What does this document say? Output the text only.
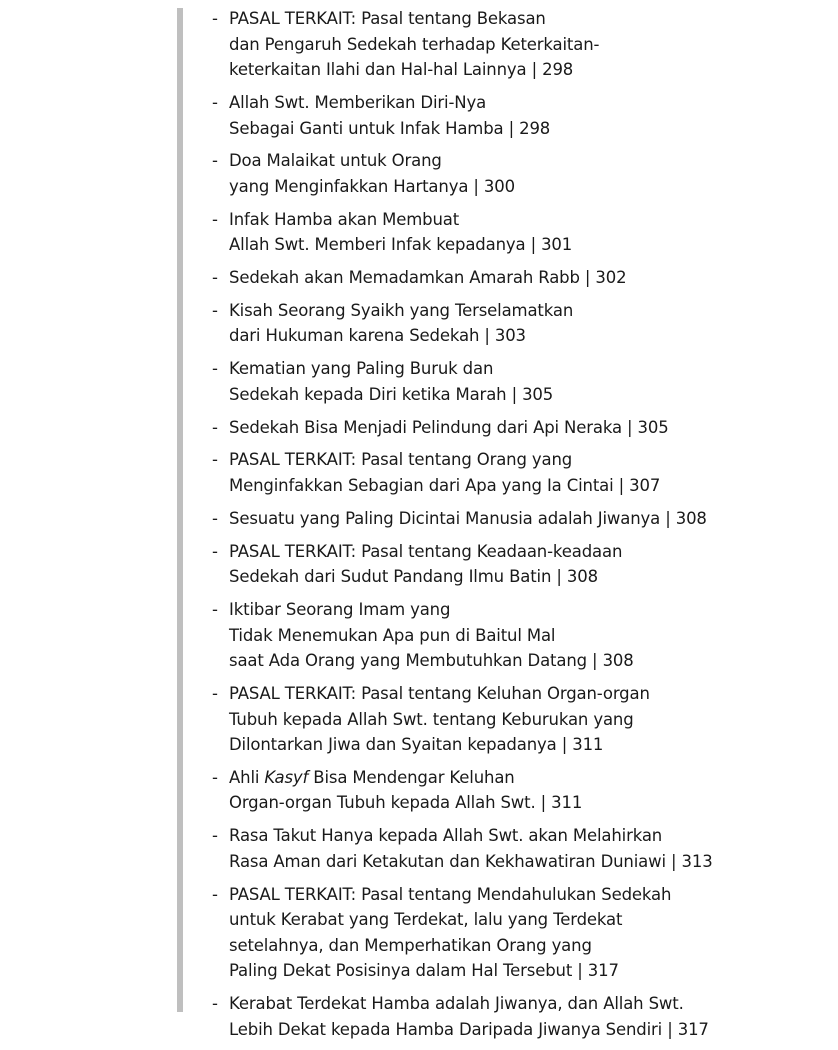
- PASAL TERKAIT: Pasal tentang Bekasan
dan Pengaruh Sedekah terhadap Keterkaitan-
keterkaitan Ilahi dan Hal-hal Lainnya | 298
- Allah Swt. Memberikan Diri-Nya
Sebagai Ganti untuk Infak Hamba | 298
- Doa Malaikat untuk Orang
yang Menginfakkan Hartanya | 300
- Infak Hamba akan Membuat
Allah Swt. Memberi Infak kepadanya | 301
- Sedekah akan Memadamkan Amarah Rabb | 302
- Kisah Seorang Syaikh yang Terselamatkan
dari Hukuman karena Sedekah | 303
- Kematian yang Paling Buruk dan
Sedekah kepada Diri ketika Marah | 305
- Sedekah Bisa Menjadi Pelindung dari Api Neraka | 305
- PASAL TERKAIT: Pasal tentang Orang yang
Menginfakkan Sebagian dari Apa yang Ia Cintai | 307
- Sesuatu yang Paling Dicintai Manusia adalah Jiwanya | 308
- PASAL TERKAIT: Pasal tentang Keadaan-keadaan
Sedekah dari Sudut Pandang Ilmu Batin | 308
- Iktibar Seorang Imam yang
Tidak Menemukan Apa pun di Baitul Mal
saat Ada Orang yang Membutuhkan Datang | 308
- PASAL TERKAIT: Pasal tentang Keluhan Organ-organ
Tubuh kepada Allah Swt. tentang Keburukan yang
Dilontarkan Jiwa dan Syaitan kepadanya | 311
- Ahli Kasyf Bisa Mendengar Keluhan
Organ-organ Tubuh kepada Allah Swt. | 311
- Rasa Takut Hanya kepada Allah Swt. akan Melahirkan
Rasa Aman dari Ketakutan dan Kekhawatiran Duniawi | 313
- PASAL TERKAIT: Pasal tentang Mendahulukan Sedekah
untuk Kerabat yang Terdekat, lalu yang Terdekat
setelahnya, dan Memperhatikan Orang yang
Paling Dekat Posisinya dalam Hal Tersebut | 317
- Kerabat Terdekat Hamba adalah Jiwanya, dan Allah Swt.
Lebih Dekat kepada Hamba Daripada Jiwanya Sendiri | 317
